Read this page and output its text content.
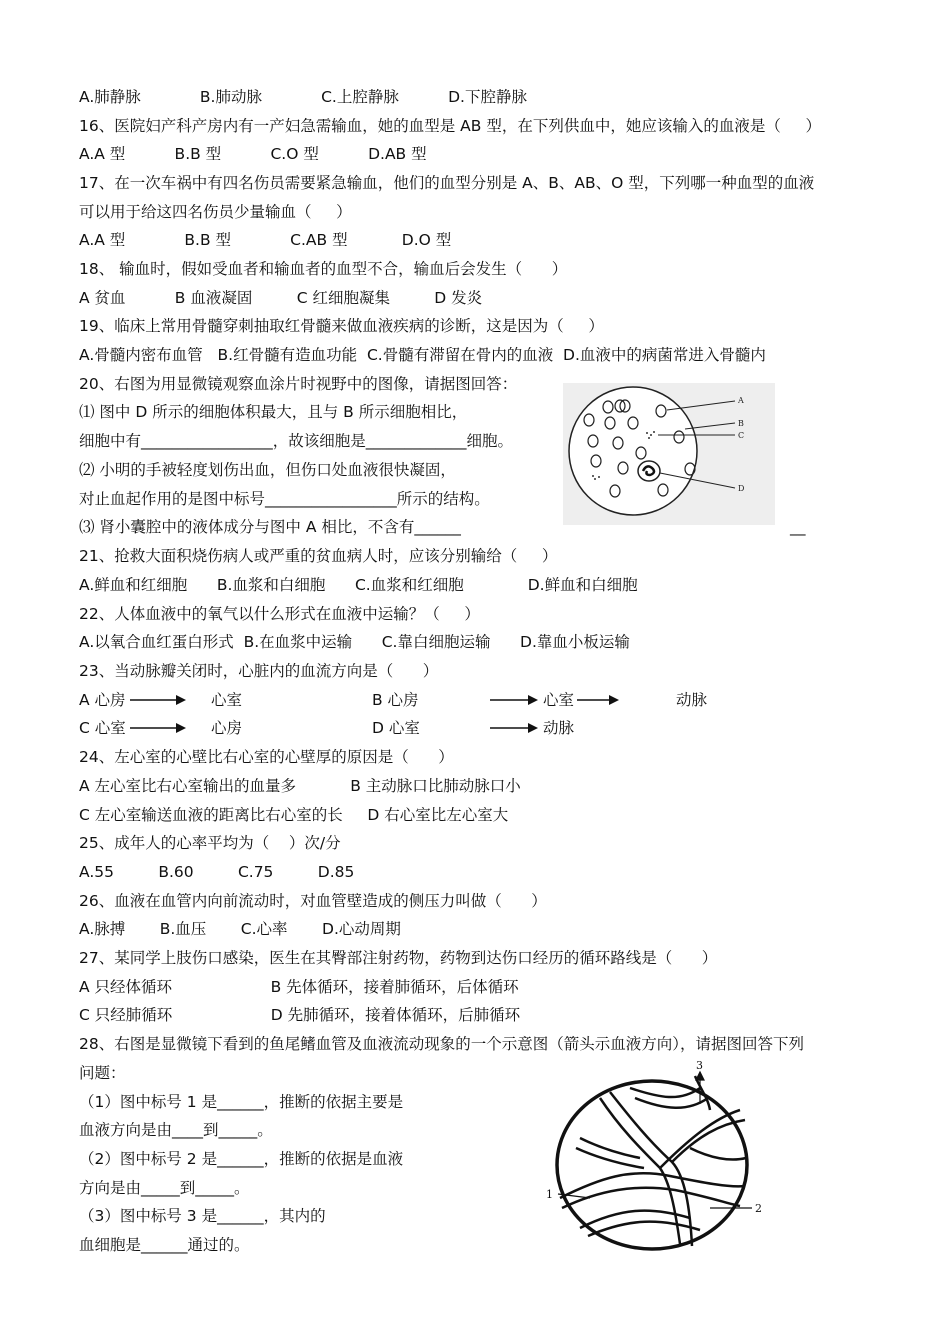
A.肺静脉            B.肺动脉            C.上腔静脉          D.下腔静脉
16、医院妇产科产房内有一产妇急需输血，她的血型是 AB 型，在下列供血中，她应该输入的血液是（     ）
A.A 型          B.B 型          C.O 型          D.AB 型
17、在一次车祸中有四名伤员需要紧急输血，他们的血型分别是 A、B、AB、O 型，下列哪一种血型的血液
可以用于给这四名伤员少量输血（     ）
A.A 型            B.B 型            C.AB 型           D.O 型
18、 输血时，假如受血者和输血者的血型不合，输血后会发生（      ）
A 贫血          B 血液凝固         C 红细胞凝集         D 发炎
19、临床上常用骨髓穿刺抽取红骨髓来做血液疾病的诊断，这是因为（     ）
A.骨髓内密布血管   B.红骨髓有造血功能  C.骨髓有滞留在骨内的血液  D.血液中的病菌常进入骨髓内
20、右图为用显微镜观察血涂片时视野中的图像，请据图回答：
⑴ 图中 D 所示的细胞体积最大，且与 B 所示细胞相比，
细胞中有_________________，故该细胞是_____________细胞。
⑵ 小明的手被轻度划伤出血，但伤口处血液很快凝固，
对止血起作用的是图中标号_________________所示的结构。
⑶ 肾小囊腔中的液体成分与图中 A 相比，不含有______	__
A
B
C
D
21、抢救大面积烧伤病人或严重的贫血病人时，应该分别输给（     ）
A.鲜血和红细胞      B.血浆和白细胞      C.血浆和红细胞             D.鲜血和白细胞
22、人体血液中的氧气以什么形式在血液中运输？（     ）
A.以氧合血红蛋白形式  B.在血浆中运输      C.靠白细胞运输      D.靠血小板运输
23、当动脉瓣关闭时，心脏内的血流方向是（      ）
A 心房	心室	B 心房	心室	动脉
C 心室	心房	D 心室	动脉
24、左心室的心壁比右心室的心壁厚的原因是（      ）
A 左心室比右心室输出的血量多           B 主动脉口比肺动脉口小
C 左心室输送血液的距离比右心室的长     D 右心室比左心室大
25、成年人的心率平均为（    ）次/分
A.55         B.60         C.75         D.85
26、血液在血管内向前流动时，对血管壁造成的侧压力叫做（      ）
A.脉搏       B.血压       C.心率       D.心动周期
27、某同学上肢伤口感染，医生在其臀部注射药物，药物到达伤口经历的循环路线是（      ）
A 只经体循环                    B 先体循环，接着肺循环，后体循环
C 只经肺循环                    D 先肺循环，接着体循环，后肺循环
28、右图是显微镜下看到的鱼尾鳍血管及血液流动现象的一个示意图（箭头示血液方向），请据图回答下列
问题：
（1）图中标号 1 是______，推断的依据主要是
血液方向是由____到_____。
（2）图中标号 2 是______，推断的依据是血液
方向是由_____到_____。
（3）图中标号 3 是______，其内的
血细胞是______通过的。
3
1
2
